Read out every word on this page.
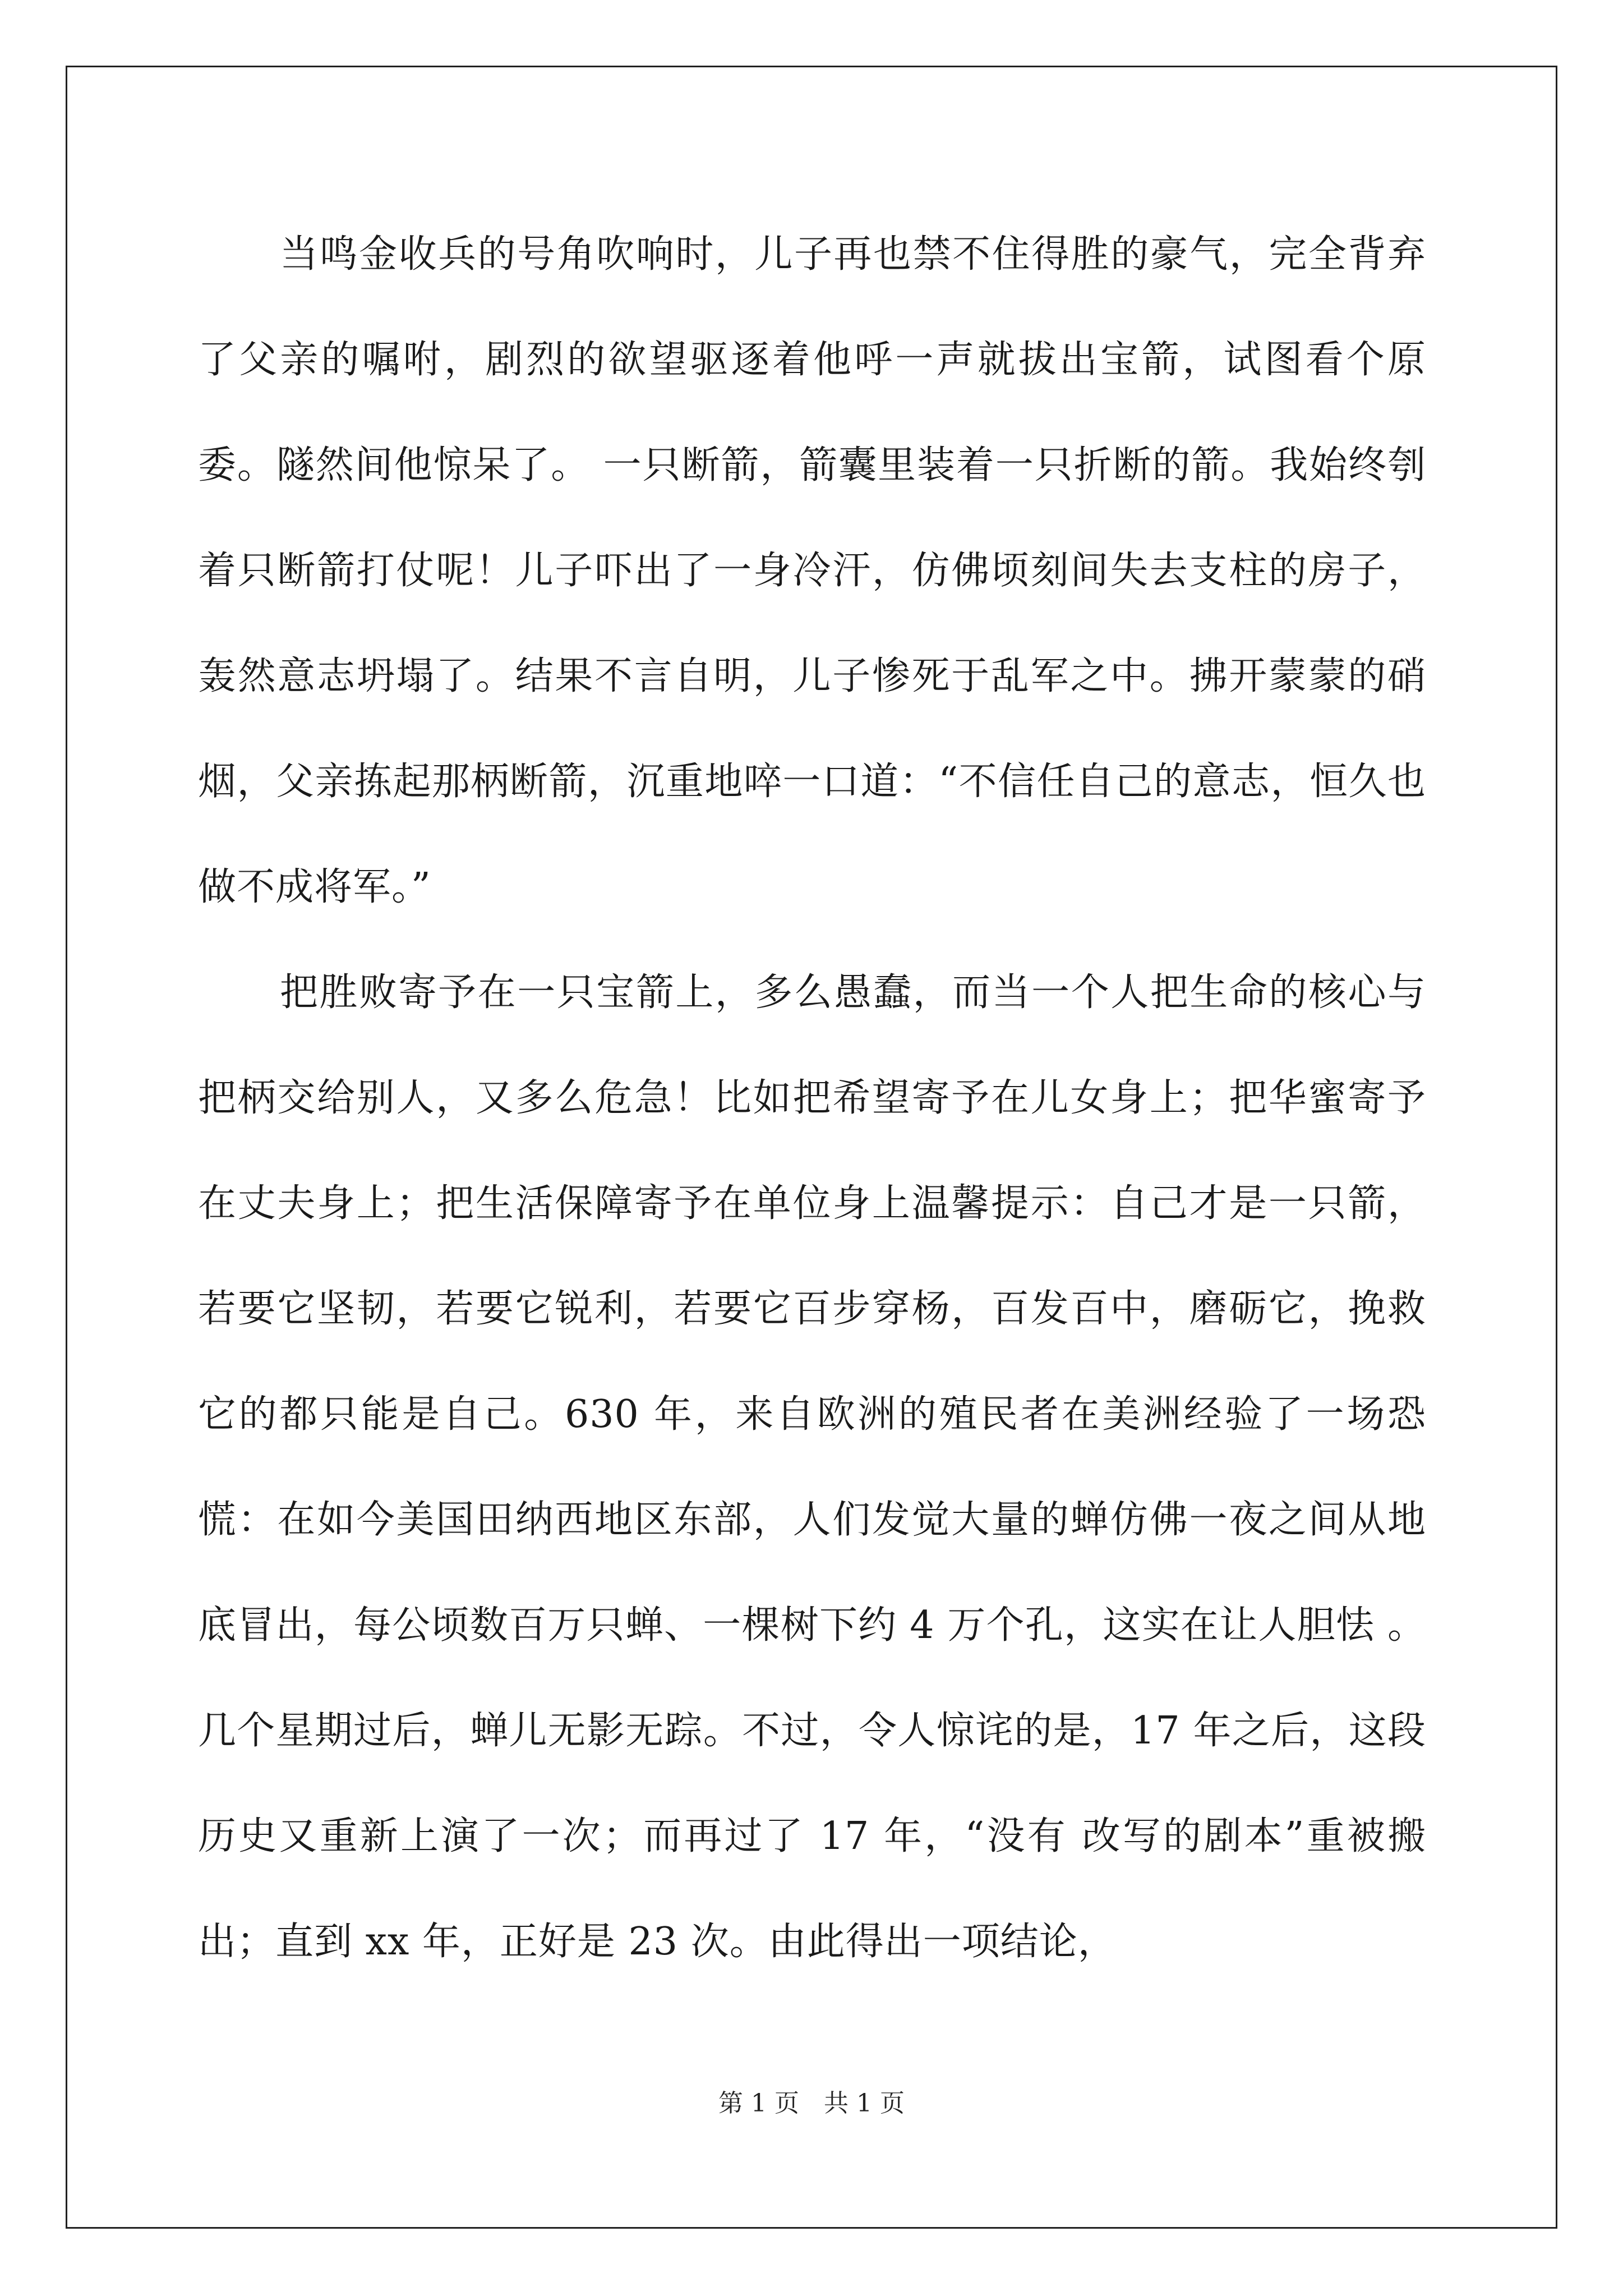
当鸣金收兵的号角吹响时，儿子再也禁不住得胜的豪气，完全背弃了父亲的嘱咐，剧烈的欲望驱逐着他呼一声就拔出宝箭，试图看个原委。隧然间他惊呆了。 一只断箭，箭囊里装着一只折断的箭。我始终刳着只断箭打仗呢！儿子吓出了一身冷汗，仿佛顷刻间失去支柱的房子，轰然意志坍塌了。结果不言自明，儿子惨死于乱军之中。拂开蒙蒙的硝烟，父亲拣起那柄断箭，沉重地啐一口道：“不信任自己的意志，恒久也做不成将军。”

把胜败寄予在一只宝箭上，多么愚蠢，而当一个人把生命的核心与把柄交给别人，又多么危急！比如把希望寄予在儿女身上；把华蜜寄予在丈夫身上；把生活保障寄予在单位身上温馨提示：自己才是一只箭，若要它坚韧，若要它锐利，若要它百步穿杨，百发百中，磨砺它，挽救它的都只能是自己。630 年，来自欧洲的殖民者在美洲经验了一场恐慌：在如今美国田纳西地区东部，人们发觉大量的蝉仿佛一夜之间从地底冒出，每公顷数百万只蝉、一棵树下约 4 万个孔，这实在让人胆怯 。几个星期过后，蝉儿无影无踪。不过，令人惊诧的是，17 年之后，这段历史又重新上演了一次；而再过了 17 年，“没有 改写的剧本”重被搬出；直到 xx 年，正好是 23 次。由此得出一项结论，

第 1 页　共 1 页
